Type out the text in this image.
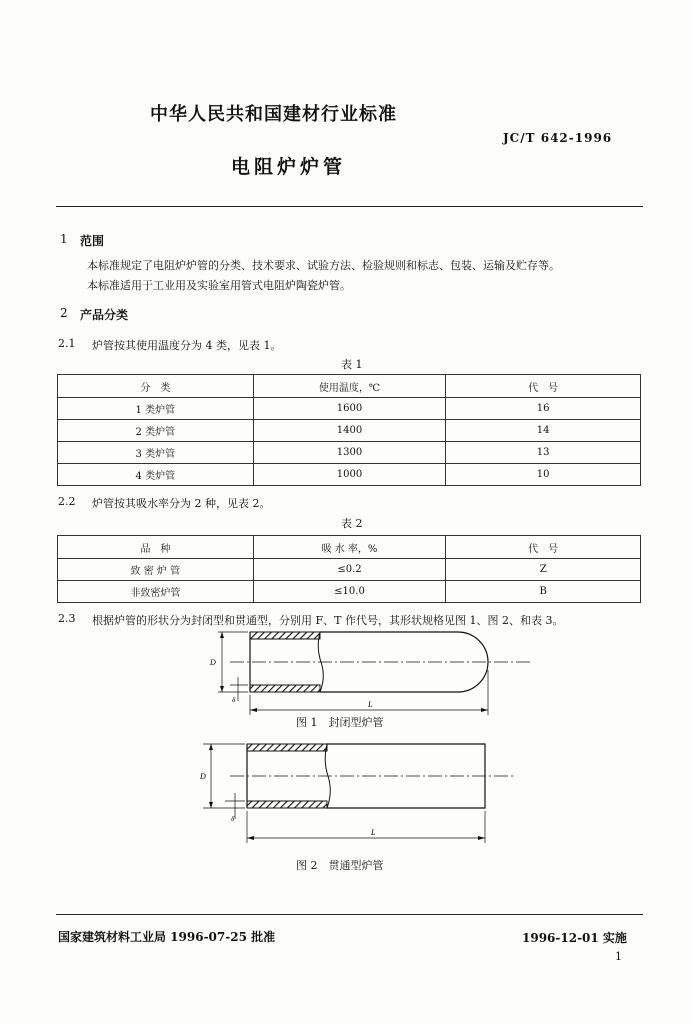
中华人民共和国建材行业标准
JC/T 642-1996
电阻炉炉管
1 范围
本标准规定了电阻炉炉管的分类、技术要求、试验方法、检验规则和标志、包装、运输及贮存等。
本标准适用于工业用及实验室用管式电阻炉陶瓷炉管。
2 产品分类
2.1 炉管按其使用温度分为 4 类，见表 1。
表 1
分　类	使用温度，℃	代　号
1 类炉管	1600	16
2 类炉管	1400	14
3 类炉管	1300	13
4 类炉管	1000	10
2.2 炉管按其吸水率分为 2 种，见表 2。
表 2
品　种	吸 水 率，%	代　号
致 密 炉 管	≤0.2	Z
非致密炉管	≤10.0	B
2.3 根据炉管的形状分为封闭型和贯通型，分别用 F、T 作代号，其形状规格见图 1、图 2、和表 3。
D
δ	L
图 1　封闭型炉管
D
δ
L
图 2　贯通型炉管
国家建筑材料工业局 1996-07-25 批准	1996-12-01 实施
1
